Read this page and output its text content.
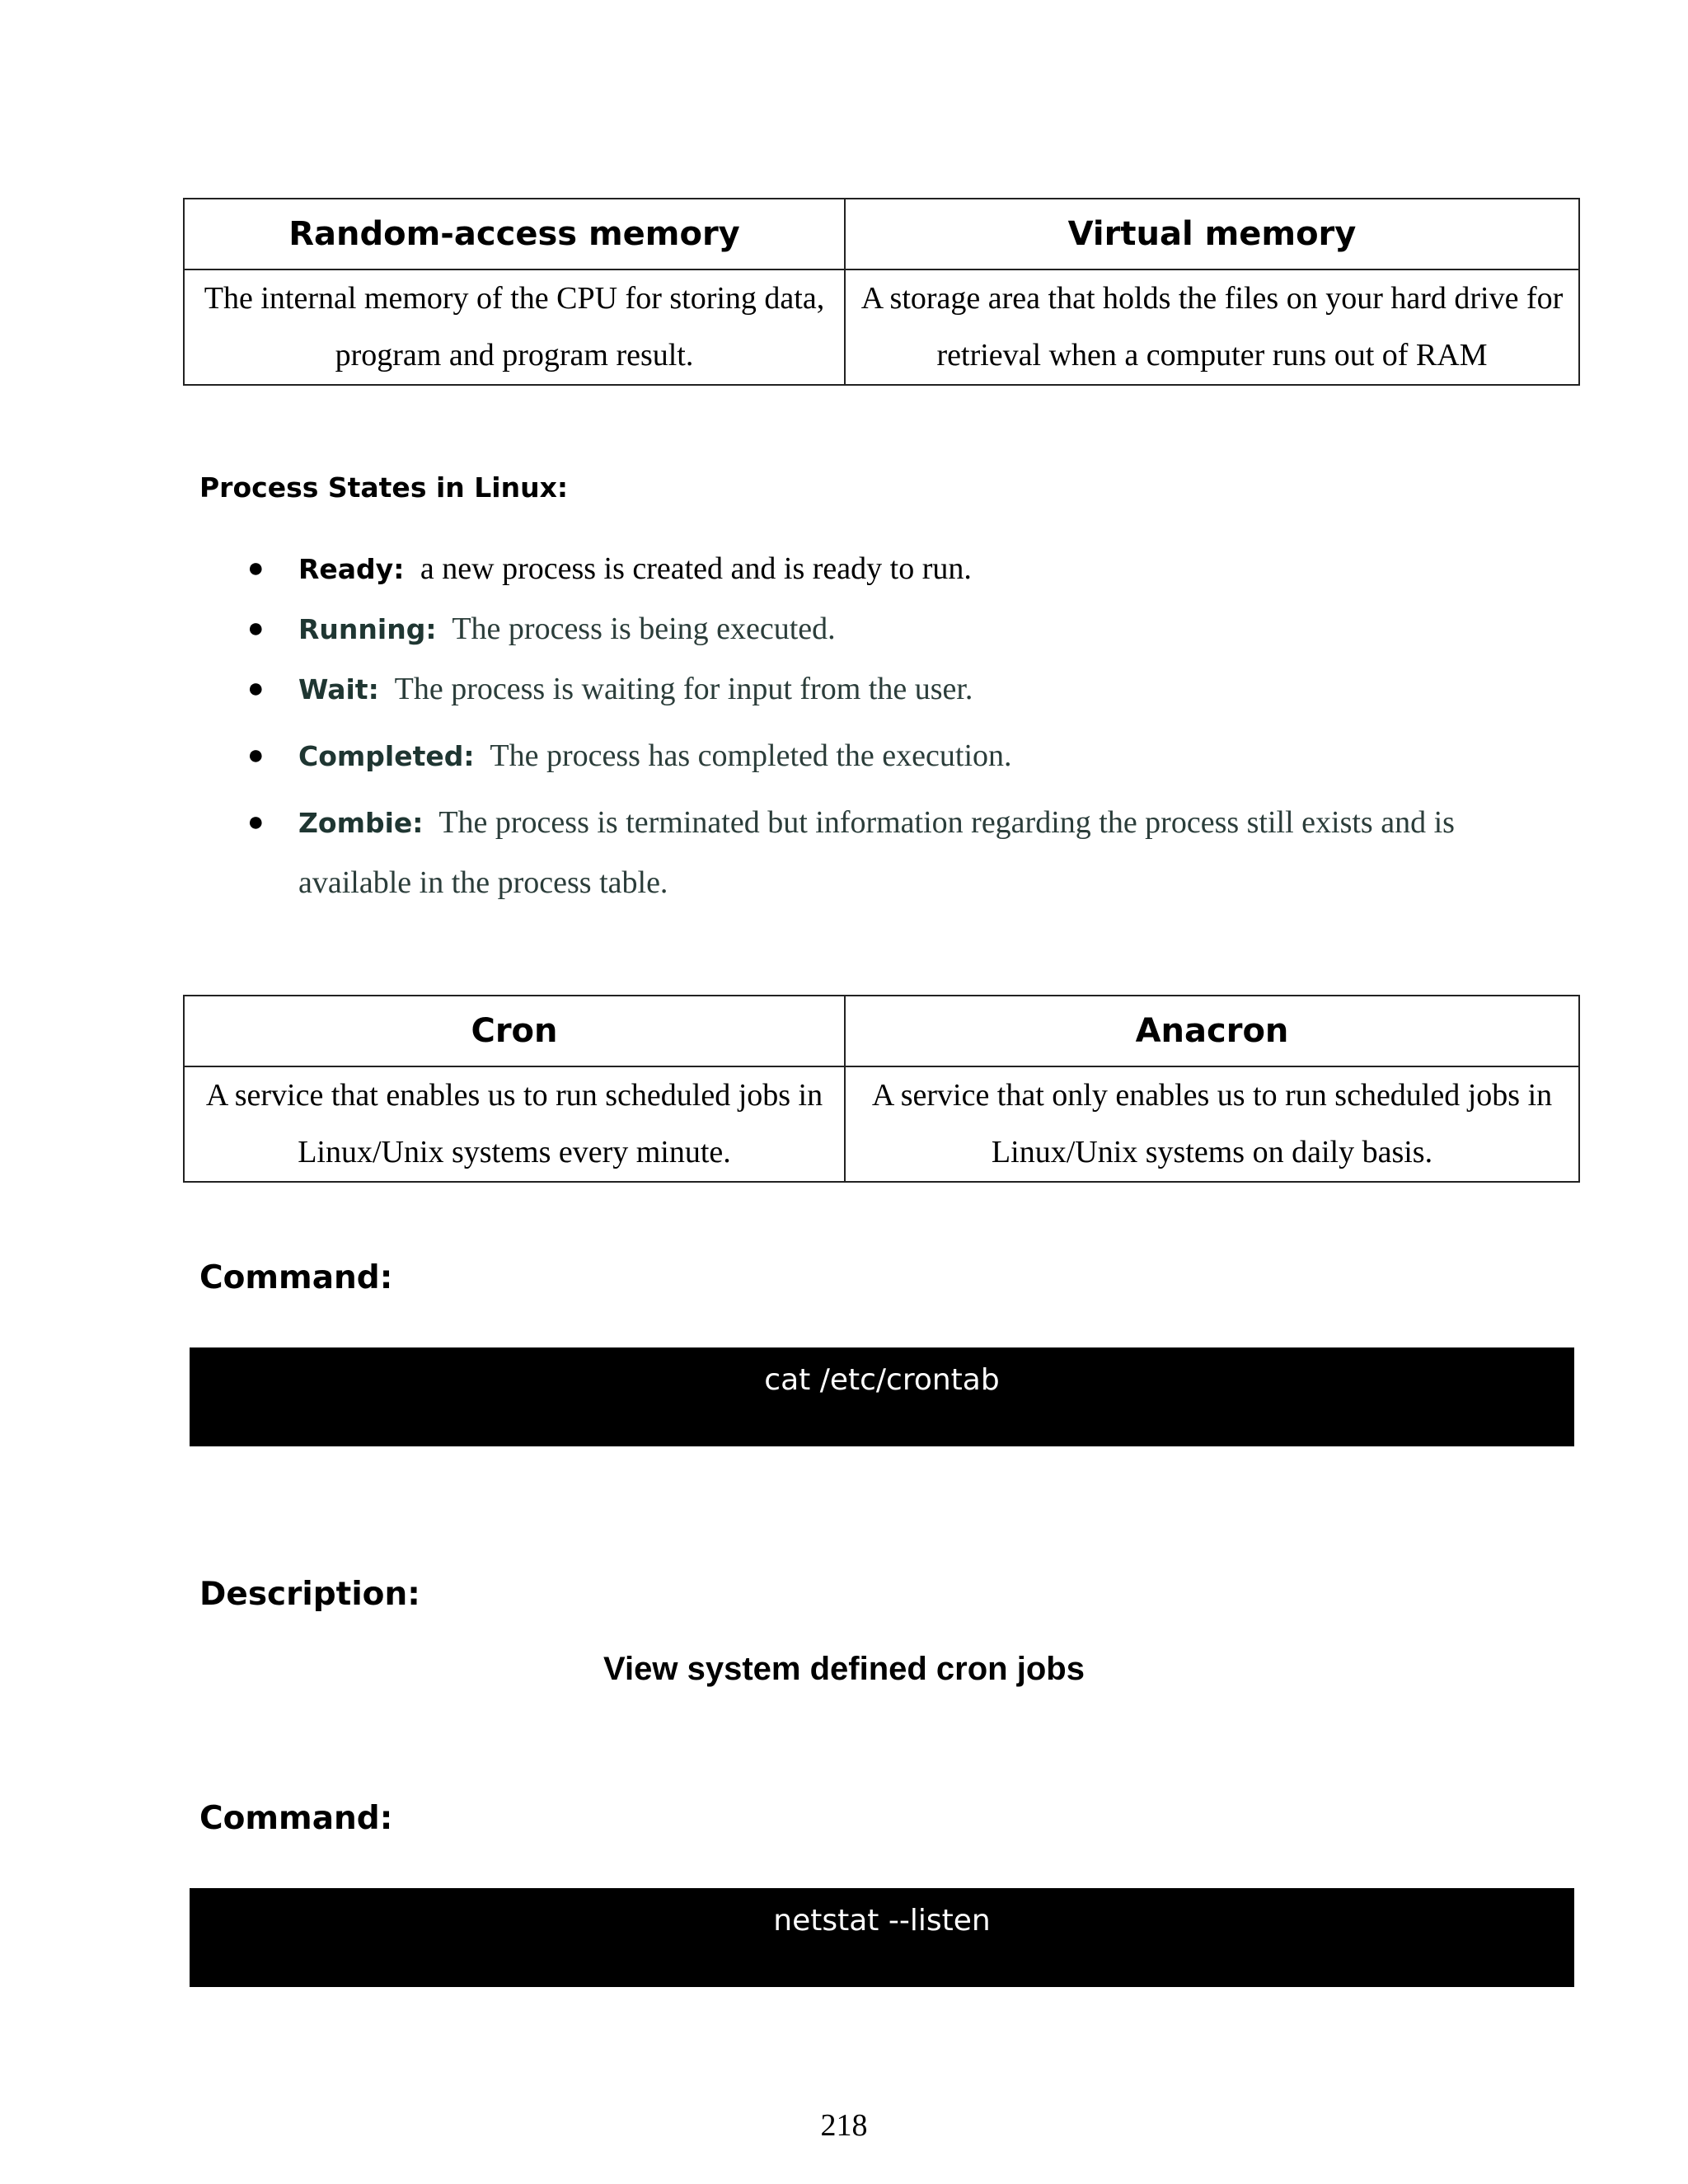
Random-access memory	Virtual memory
The internal memory of the CPU for storing data, program and program result.	A storage area that holds the files on your hard drive for retrieval when a computer runs out of RAM
Process States in Linux:
● Ready: a new process is created and is ready to run.
● Running: The process is being executed.
● Wait: The process is waiting for input from the user.
● Completed: The process has completed the execution.
● Zombie: The process is terminated but information regarding the process still exists and is available in the process table.
Cron	Anacron
A service that enables us to run scheduled jobs in Linux/Unix systems every minute.	A service that only enables us to run scheduled jobs in Linux/Unix systems on daily basis.
Command:
cat /etc/crontab
Description:

View system defined cron jobs

Command:
netstat --listen
218
